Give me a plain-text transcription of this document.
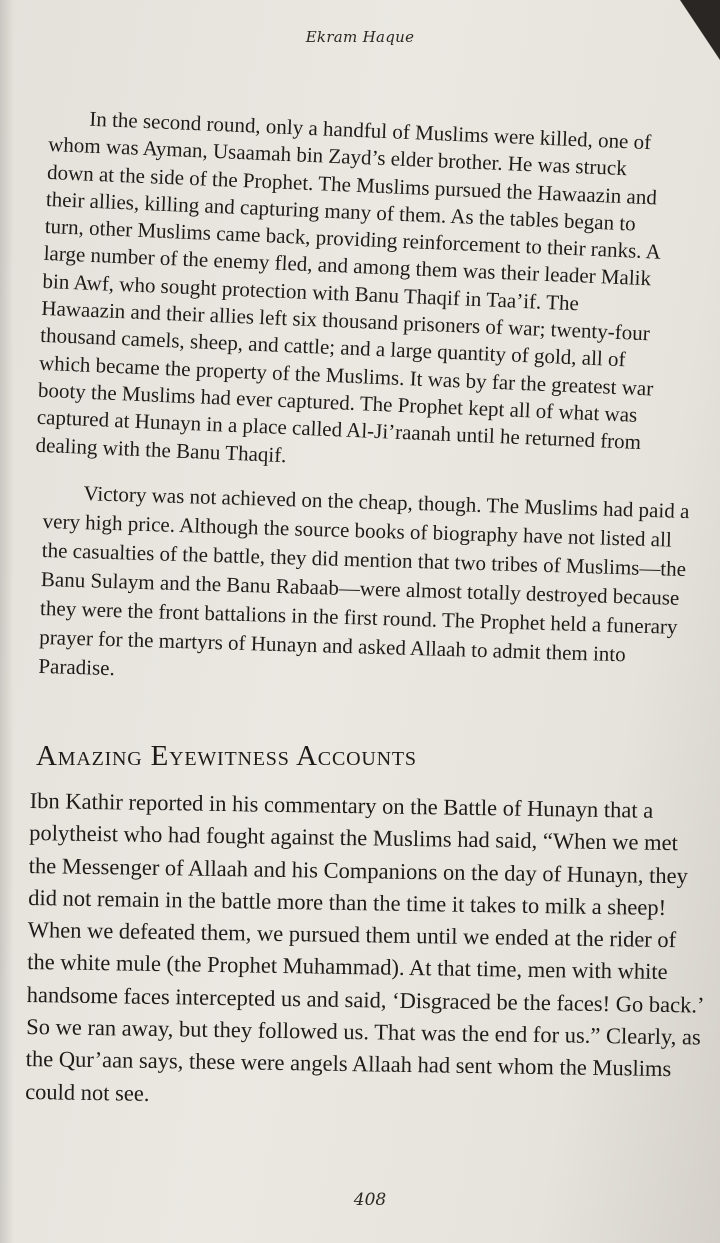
Ekram Haque

In the second round, only a handful of Muslims were killed, one of whom was Ayman, Usaamah bin Zayd’s elder brother. He was struck down at the side of the Prophet. The Muslims pursued the Hawaazin and their allies, killing and capturing many of them. As the tables began to turn, other Muslims came back, providing reinforcement to their ranks. A large number of the enemy fled, and among them was their leader Malik bin Awf, who sought protection with Banu Thaqif in Taa’if. The Hawaazin and their allies left six thousand prisoners of war; twenty-four thousand camels, sheep, and cattle; and a large quantity of gold, all of which became the property of the Muslims. It was by far the greatest war booty the Muslims had ever captured. The Prophet kept all of what was captured at Hunayn in a place called Al-Ji’raanah until he returned from dealing with the Banu Thaqif.

Victory was not achieved on the cheap, though. The Muslims had paid a very high price. Although the source books of biography have not listed all the casualties of the battle, they did mention that two tribes of Muslims—the Banu Sulaym and the Banu Rabaab—were almost totally destroyed because they were the front battalions in the first round. The Prophet held a funerary prayer for the martyrs of Hunayn and asked Allaah to admit them into Paradise.

Amazing Eyewitness Accounts

Ibn Kathir reported in his commentary on the Battle of Hunayn that a polytheist who had fought against the Muslims had said, “When we met the Messenger of Allaah and his Companions on the day of Hunayn, they did not remain in the battle more than the time it takes to milk a sheep! When we defeated them, we pursued them until we ended at the rider of the white mule (the Prophet Muhammad). At that time, men with white handsome faces intercepted us and said, ‘Disgraced be the faces! Go back.’ So we ran away, but they followed us. That was the end for us.” Clearly, as the Qur’aan says, these were angels Allaah had sent whom the Muslims could not see.

408
